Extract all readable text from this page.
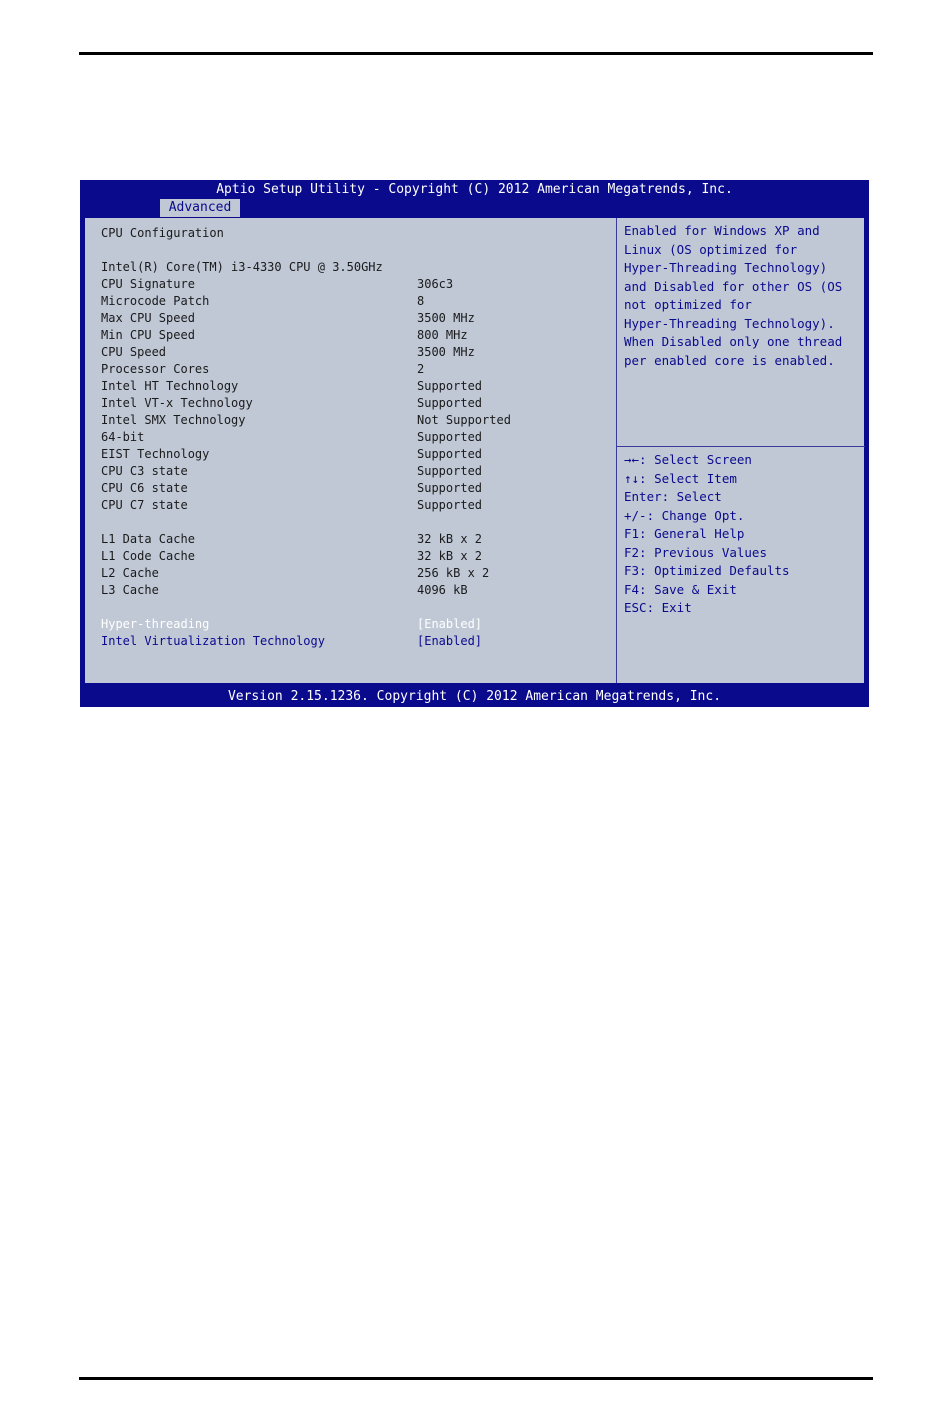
Aptio Setup Utility - Copyright (C) 2012 American Megatrends, Inc.
Advanced
CPU Configuration
Intel(R) Core(TM) i3-4330 CPU @ 3.50GHz
CPU Signature	306c3
Microcode Patch	8
Max CPU Speed	3500 MHz
Min CPU Speed	800 MHz
CPU Speed	3500 MHz
Processor Cores	2
Intel HT Technology	Supported
Intel VT-x Technology	Supported
Intel SMX Technology	Not Supported
64-bit	Supported
EIST Technology	Supported
CPU C3 state	Supported
CPU C6 state	Supported
CPU C7 state	Supported
L1 Data Cache	32 kB x 2
L1 Code Cache	32 kB x 2
L2 Cache	256 kB x 2
L3 Cache	4096 kB
Hyper-threading	[Enabled]
Intel Virtualization Technology	[Enabled]
Enabled for Windows XP and
Linux (OS optimized for
Hyper-Threading Technology)
and Disabled for other OS (OS
not optimized for
Hyper-Threading Technology).
When Disabled only one thread
per enabled core is enabled.
→←: Select Screen
↑↓: Select Item
Enter: Select
+/-: Change Opt.
F1: General Help
F2: Previous Values
F3: Optimized Defaults
F4: Save & Exit
ESC: Exit
Version 2.15.1236. Copyright (C) 2012 American Megatrends, Inc.
